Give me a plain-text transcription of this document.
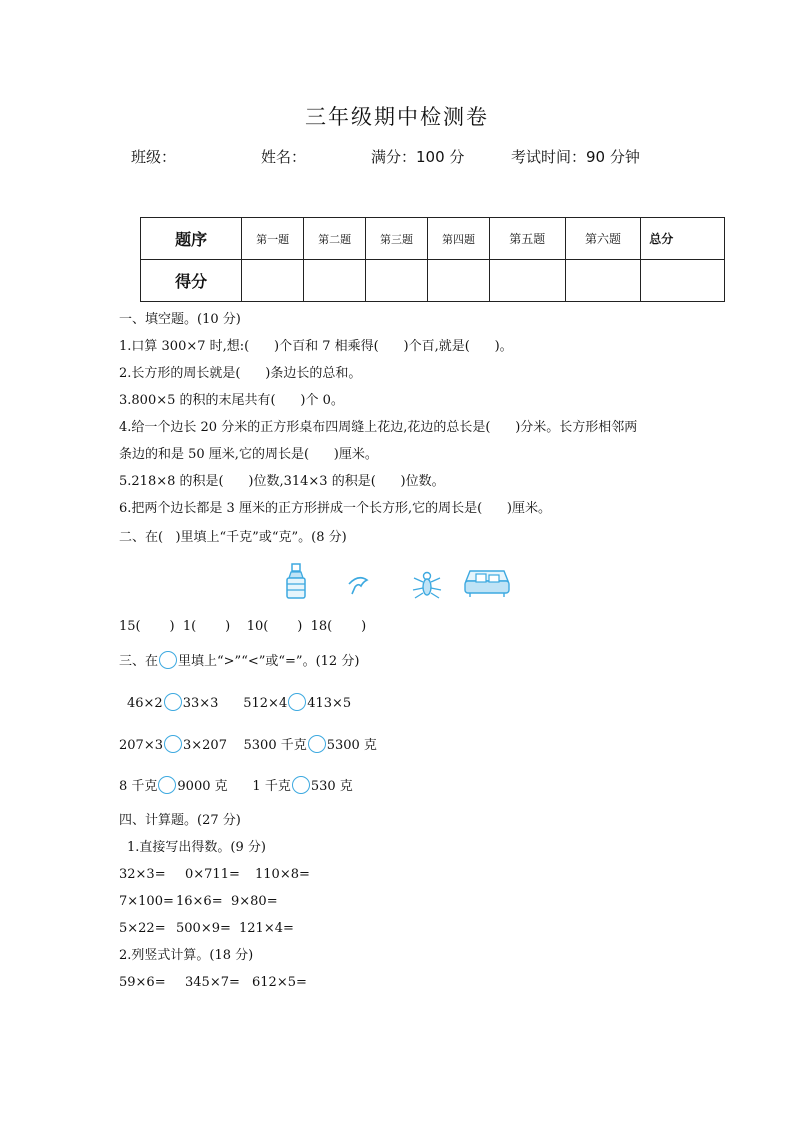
三年级期中检测卷
班级：	姓名：	满分：100 分	考试时间：90 分钟
题序	第一题	第二题	第三题	第四题	第五题	第六题	总分
得分							
一、填空题。(10 分)
1.口算 300×7 时,想:(      )个百和 7 相乘得(      )个百,就是(      )。
2.长方形的周长就是(      )条边长的总和。
3.800×5 的积的末尾共有(      )个 0。
4.给一个边长 20 分米的正方形桌布四周缝上花边,花边的总长是(      )分米。长方形相邻两
条边的和是 50 厘米,它的周长是(      )厘米。
5.218×8 的积是(      )位数,314×3 的积是(      )位数。
6.把两个边长都是 3 厘米的正方形拼成一个长方形,它的周长是(      )厘米。
二、在(   )里填上“千克”或“克”。(8 分)
15(       )  1(       )    10(       )  18(       )
三、在 里填上“>”“<”或“=”。(12 分)
46×2 33×3 512×4 413×5
207×3 3×207 5300 千克 5300 克
8 千克 9000 克 1 千克 530 克
四、计算题。(27 分)
1.直接写出得数。(9 分)
32×3= 0×711= 110×8=
7×100= 16×6= 9×80=
5×22= 500×9= 121×4=
2.列竖式计算。(18 分)
59×6= 345×7= 612×5=
